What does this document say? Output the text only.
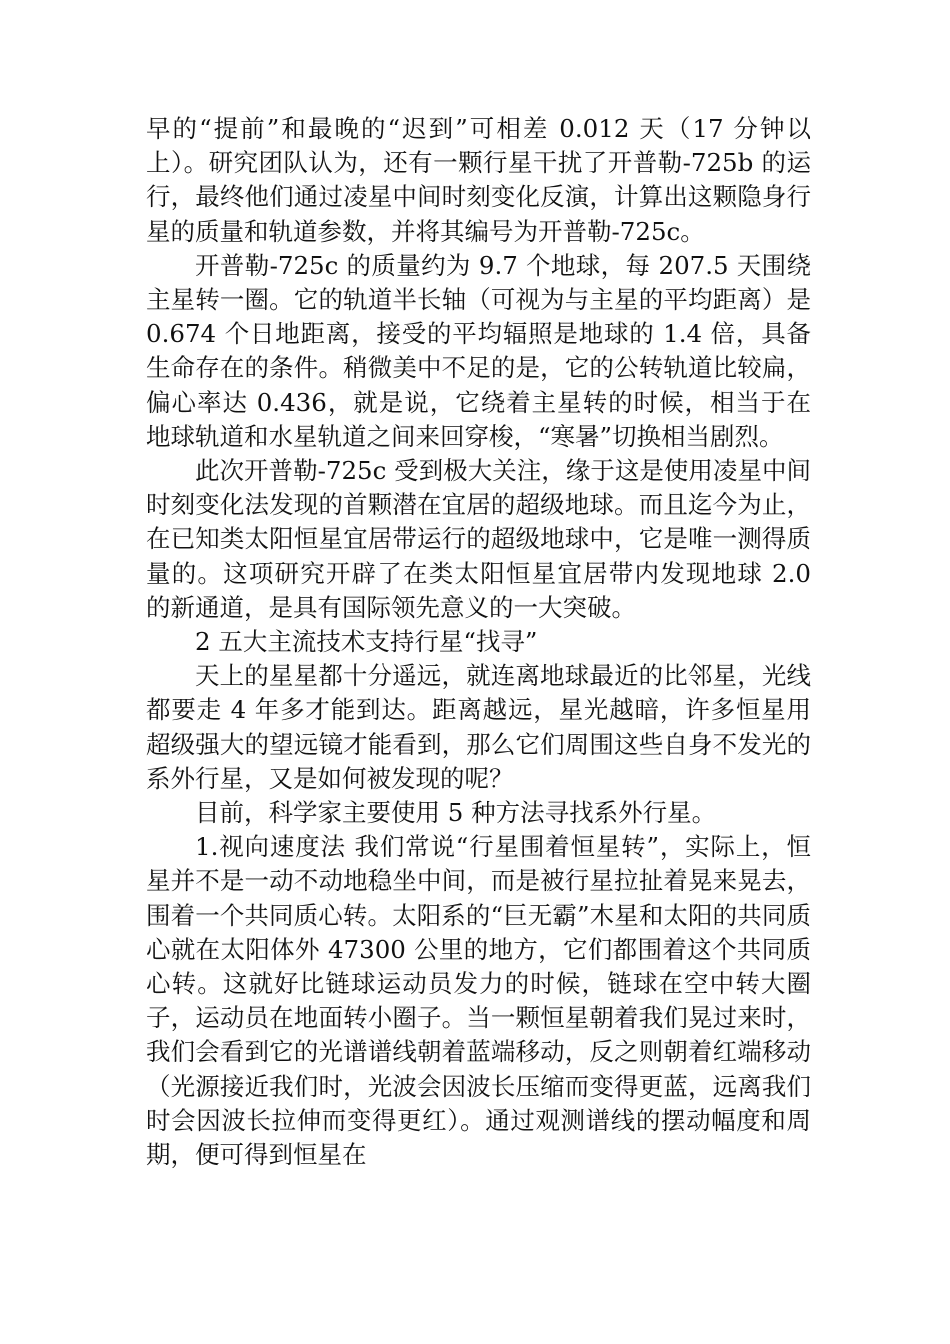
早的“提前”和最晚的“迟到”可相差 0.012 天（17 分钟以上）。研究团队认为，还有一颗行星干扰了开普勒-725b 的运行，最终他们通过凌星中间时刻变化反演，计算出这颗隐身行星的质量和轨道参数，并将其编号为开普勒-725c。

开普勒-725c 的质量约为 9.7 个地球，每 207.5 天围绕主星转一圈。它的轨道半长轴（可视为与主星的平均距离）是 0.674 个日地距离，接受的平均辐照是地球的 1.4 倍，具备生命存在的条件。稍微美中不足的是，它的公转轨道比较扁，偏心率达 0.436，就是说，它绕着主星转的时候，相当于在地球轨道和水星轨道之间来回穿梭，“寒暑”切换相当剧烈。

此次开普勒-725c 受到极大关注，缘于这是使用凌星中间时刻变化法发现的首颗潜在宜居的超级地球。而且迄今为止，在已知类太阳恒星宜居带运行的超级地球中，它是唯一测得质量的。这项研究开辟了在类太阳恒星宜居带内发现地球 2.0 的新通道，是具有国际领先意义的一大突破。

2 五大主流技术支持行星“找寻”

天上的星星都十分遥远，就连离地球最近的比邻星，光线都要走 4 年多才能到达。距离越远，星光越暗，许多恒星用超级强大的望远镜才能看到，那么它们周围这些自身不发光的系外行星，又是如何被发现的呢？

目前，科学家主要使用 5 种方法寻找系外行星。

1.视向速度法 我们常说“行星围着恒星转”，实际上，恒星并不是一动不动地稳坐中间，而是被行星拉扯着晃来晃去，围着一个共同质心转。太阳系的“巨无霸”木星和太阳的共同质心就在太阳体外 47300 公里的地方，它们都围着这个共同质心转。这就好比链球运动员发力的时候，链球在空中转大圈子，运动员在地面转小圈子。当一颗恒星朝着我们晃过来时，我们会看到它的光谱谱线朝着蓝端移动，反之则朝着红端移动（光源接近我们时，光波会因波长压缩而变得更蓝，远离我们时会因波长拉伸而变得更红）。通过观测谱线的摆动幅度和周期，便可得到恒星在
